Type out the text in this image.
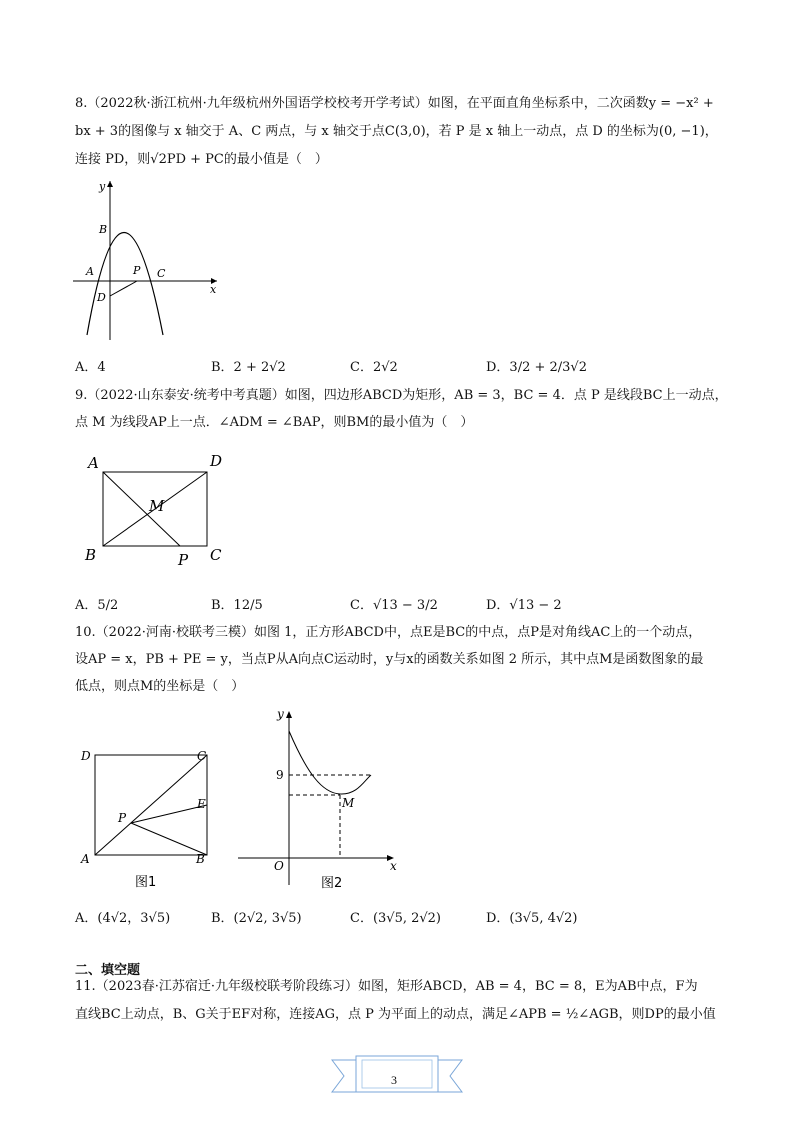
8.（2022秋·浙江杭州·九年级杭州外国语学校校考开学考试）如图，在平面直角坐标系中，二次函数y = −x² +
bx + 3的图像与 x 轴交于 A、C 两点，与 x 轴交于点C(3,0)，若 P 是 x 轴上一动点，点 D 的坐标为(0, −1)，
连接 PD，则√2PD + PC的最小值是（　）
y
x
B
A	P C
D
A．4	B．2 + 2√2	C．2√2	D．3/2 + 2/3√2
9.（2022·山东泰安·统考中考真题）如图，四边形ABCD为矩形，AB = 3，BC = 4．点 P 是线段BC上一动点，
点 M 为线段AP上一点．∠ADM = ∠BAP，则BM的最小值为（　）
A	D
M
B	P C
A．5/2	B．12/5	C．√13 − 3/2	D．√13 − 2
10.（2022·河南·校联考三模）如图 1，正方形ABCD中，点E是BC的中点，点P是对角线AC上的一个动点，
设AP = x，PB + PE = y，当点P从A向点C运动时，y与x的函数关系如图 2 所示，其中点M是函数图象的最
低点，则点M的坐标是（　）
D	C
E
P
A	B
图1
y
9
M
O	x
图2
A．(4√2，3√5)	B．(2√2, 3√5)	C．(3√5, 2√2)	D．(3√5, 4√2)
二、填空题
11.（2023春·江苏宿迁·九年级校联考阶段练习）如图，矩形ABCD，AB = 4，BC = 8，E为AB中点，F为
直线BC上动点，B、G关于EF对称，连接AG，点 P 为平面上的动点，满足∠APB = ½∠AGB，则DP的最小值
3
